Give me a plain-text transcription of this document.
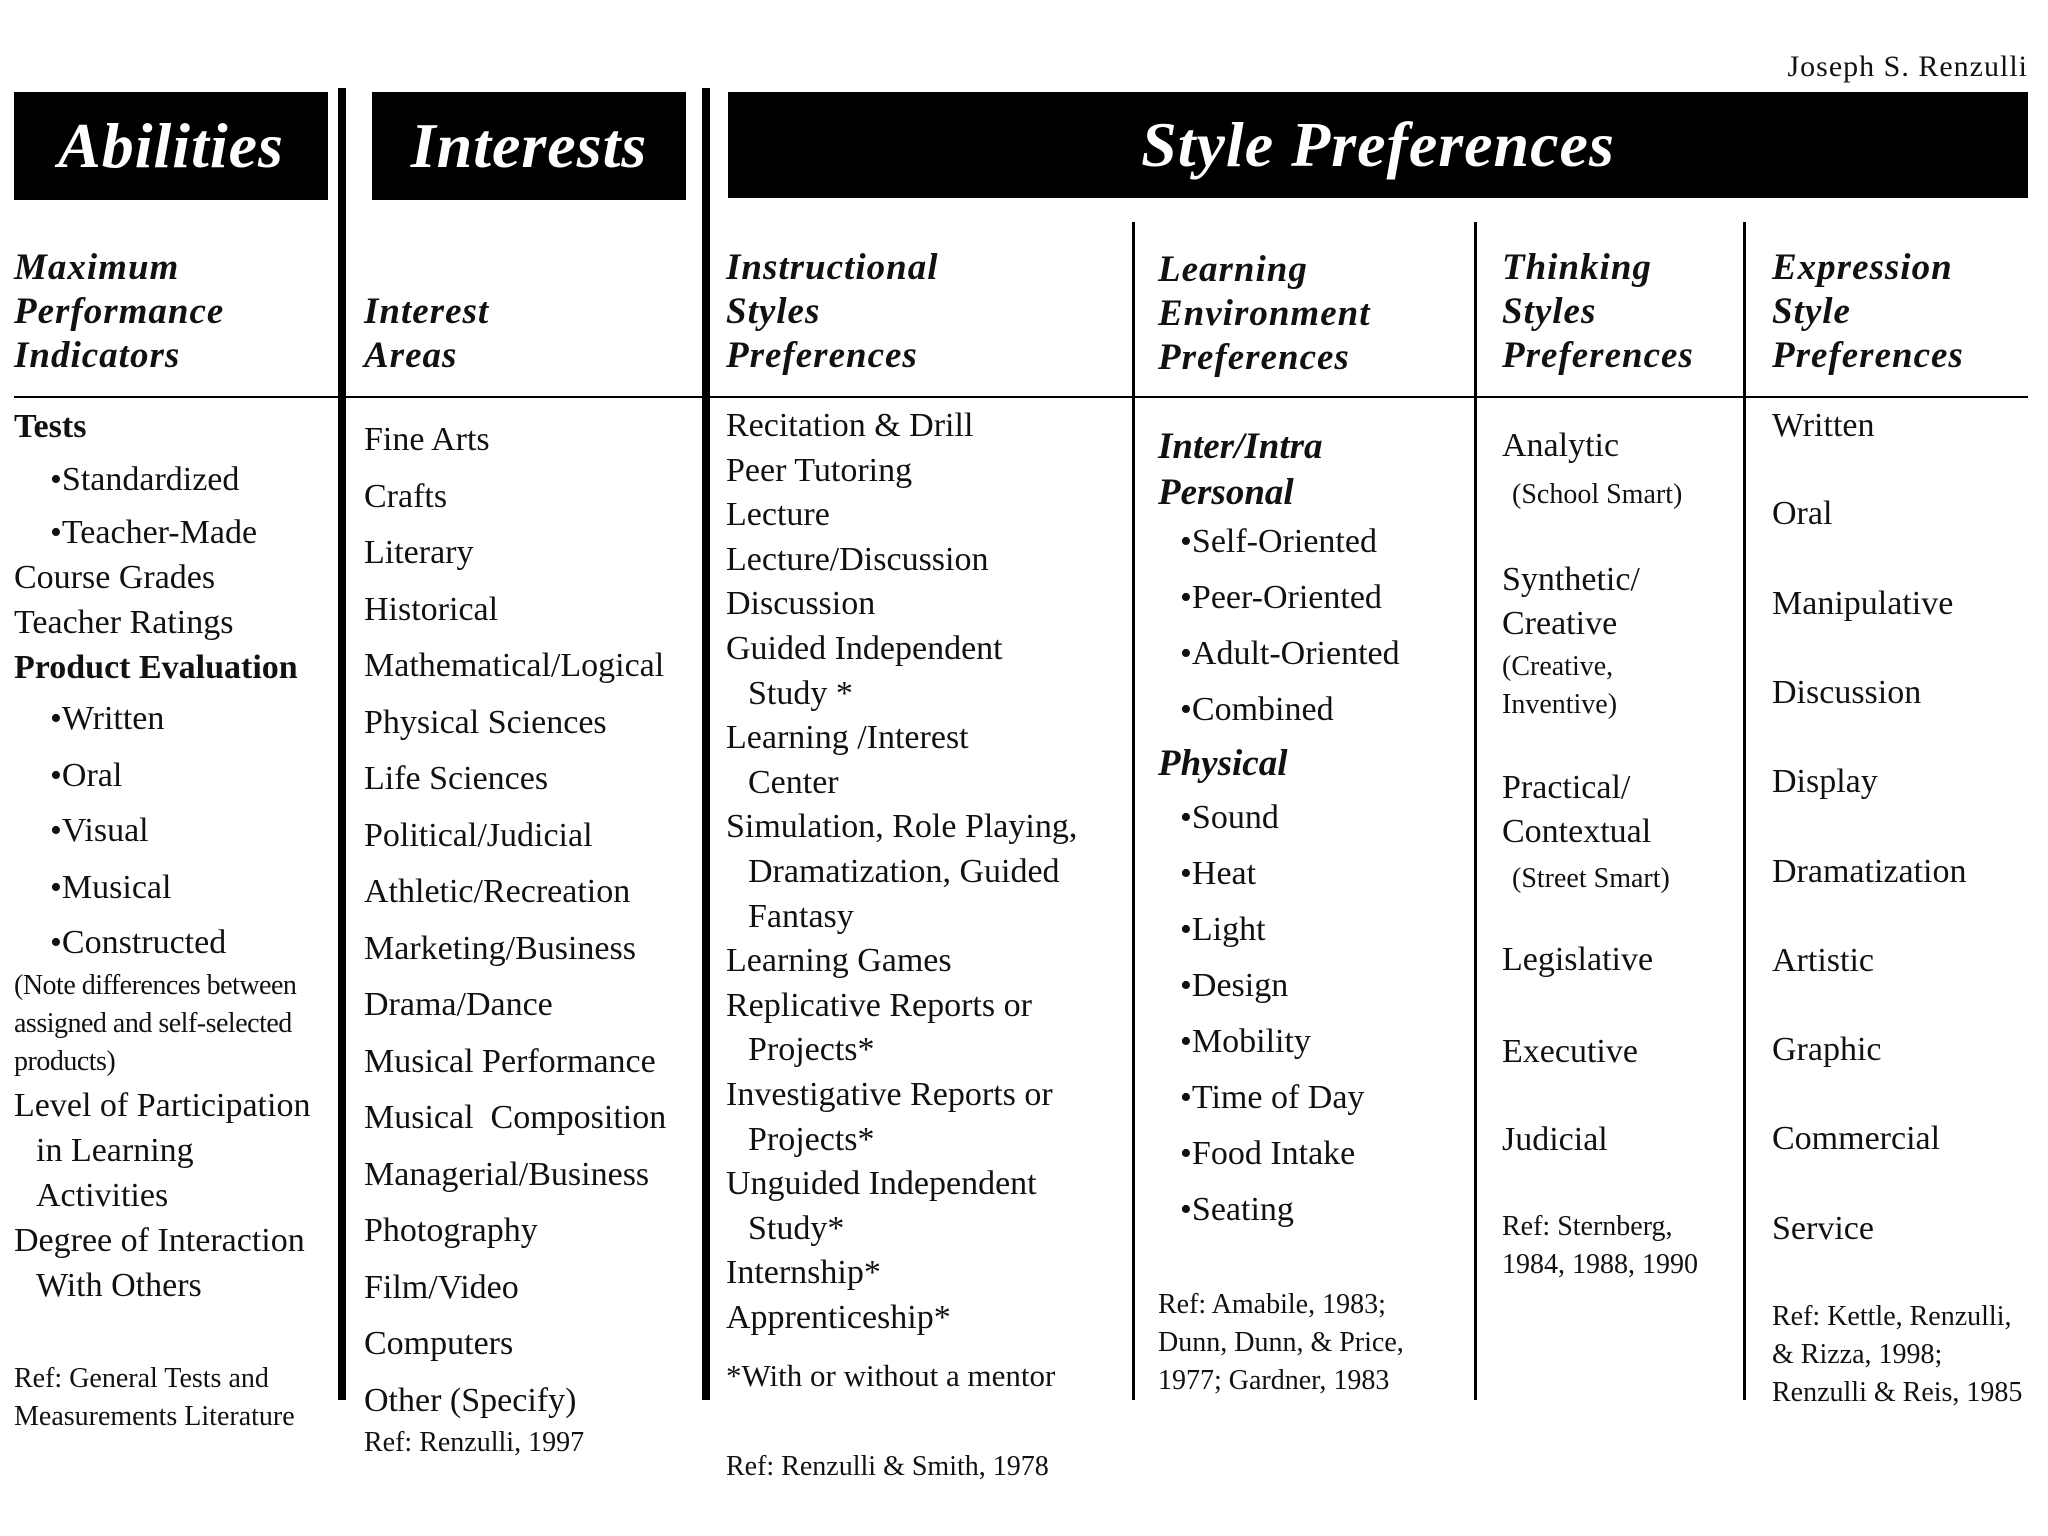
Joseph S. Renzulli
Abilities	Interests	Style Preferences
Maximum
Performance
Indicators
Interest
Areas
Instructional
Styles
Preferences
Learning
Environment
Preferences
Thinking
Styles
Preferences
Expression
Style
Preferences
Tests
•Standardized
•Teacher-Made
Course Grades
Teacher Ratings
Product Evaluation
•Written
•Oral
•Visual
•Musical
•Constructed
(Note differences between
assigned and self-selected
products)
Level of Participation
in Learning
Activities
Degree of Interaction
With Others
Ref: General Tests and
Measurements Literature
Fine Arts
Crafts
Literary
Historical
Mathematical/Logical
Physical Sciences
Life Sciences
Political/Judicial
Athletic/Recreation
Marketing/Business
Drama/Dance
Musical Performance
Musical  Composition
Managerial/Business
Photography
Film/Video
Computers
Other (Specify)
Ref: Renzulli, 1997
Recitation & Drill
Peer Tutoring
Lecture
Lecture/Discussion
Discussion
Guided Independent
Study *
Learning /Interest
Center
Simulation, Role Playing,
Dramatization, Guided
Fantasy
Learning Games
Replicative Reports or
Projects*
Investigative Reports or
Projects*
Unguided Independent
Study*
Internship*
Apprenticeship*
*With or without a mentor
Ref: Renzulli & Smith, 1978
Inter/Intra
Personal
•Self-Oriented
•Peer-Oriented
•Adult-Oriented
•Combined
Physical
•Sound
•Heat
•Light
•Design
•Mobility
•Time of Day
•Food Intake
•Seating
Ref: Amabile, 1983;
Dunn, Dunn, & Price,
1977; Gardner, 1983
Analytic
(School Smart)
Synthetic/
Creative
(Creative,
Inventive)
Practical/
Contextual
(Street Smart)
Legislative
Executive
Judicial
Ref: Sternberg,
1984, 1988, 1990
Written
Oral
Manipulative
Discussion
Display
Dramatization
Artistic
Graphic
Commercial
Service
Ref: Kettle, Renzulli,
& Rizza, 1998;
Renzulli & Reis, 1985
